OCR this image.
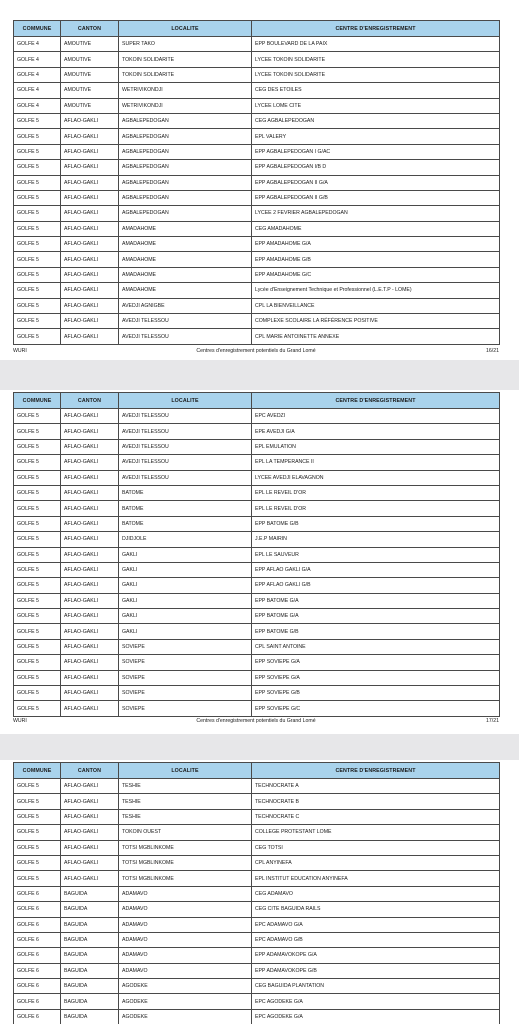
COMMUNE	CANTON	LOCALITE	CENTRE D'ENREGISTREMENT
GOLFE 4	AMOUTIVE	SUPER TAKO	EPP BOULEVARD DE LA PAIX
GOLFE 4	AMOUTIVE	TOKOIN SOLIDARITE	LYCEE TOKOIN SOLIDARITE
GOLFE 4	AMOUTIVE	TOKOIN SOLIDARITE	LYCEE TOKOIN SOLIDARITE
GOLFE 4	AMOUTIVE	WETRIVIKONDJI	CEG DES ETOILES
GOLFE 4	AMOUTIVE	WETRIVIKONDJI	LYCEE LOME CITE
GOLFE 5	AFLAO-GAKLI	AGBALEPEDOGAN	CEG AGBALEPEDOGAN
GOLFE 5	AFLAO-GAKLI	AGBALEPEDOGAN	EPL VALERY
GOLFE 5	AFLAO-GAKLI	AGBALEPEDOGAN	EPP AGBALEPEDOGAN I G/AC
GOLFE 5	AFLAO-GAKLI	AGBALEPEDOGAN	EPP AGBALEPEDOGAN I/B D
GOLFE 5	AFLAO-GAKLI	AGBALEPEDOGAN	EPP AGBALEPEDOGAN II G/A
GOLFE 5	AFLAO-GAKLI	AGBALEPEDOGAN	EPP AGBALEPEDOGAN II G/B
GOLFE 5	AFLAO-GAKLI	AGBALEPEDOGAN	LYCEE 2 FEVRIER AGBALEPEDOGAN
GOLFE 5	AFLAO-GAKLI	AMADAHOME	CEG AMADAHOME
GOLFE 5	AFLAO-GAKLI	AMADAHOME	EPP AMADAHOME G/A
GOLFE 5	AFLAO-GAKLI	AMADAHOME	EPP AMADAHOME G/B
GOLFE 5	AFLAO-GAKLI	AMADAHOME	EPP AMADAHOME G/C
GOLFE 5	AFLAO-GAKLI	AMADAHOME	Lycée d'Enseignement Technique et Professionnel (L.E.T.P - LOME)
GOLFE 5	AFLAO-GAKLI	AVEDJI AGNIGBE	CPL LA BIENVEILLANCE
GOLFE 5	AFLAO-GAKLI	AVEDJI TELESSOU	COMPLEXE SCOLAIRE LA RÉFÉRENCE POSITIVE
GOLFE 5	AFLAO-GAKLI	AVEDJI TELESSOU	CPL MARIE ANTOINETTE ANNEXE
WURI	Centres d'enregistrement potentiels du Grand Lomé	16/21
COMMUNE	CANTON	LOCALITE	CENTRE D'ENREGISTREMENT
GOLFE 5	AFLAO-GAKLI	AVEDJI TELESSOU	EPC AVEDZI
GOLFE 5	AFLAO-GAKLI	AVEDJI TELESSOU	EPE AVEDJI G/A
GOLFE 5	AFLAO-GAKLI	AVEDJI TELESSOU	EPL EMULATION
GOLFE 5	AFLAO-GAKLI	AVEDJI TELESSOU	EPL LA TEMPERANCE II
GOLFE 5	AFLAO-GAKLI	AVEDJI TELESSOU	LYCEE AVEDJI ELAVAGNON
GOLFE 5	AFLAO-GAKLI	BATOME	EPL LE REVEIL D'OR
GOLFE 5	AFLAO-GAKLI	BATOME	EPL LE REVEIL D'OR
GOLFE 5	AFLAO-GAKLI	BATOME	EPP BATOME G/B
GOLFE 5	AFLAO-GAKLI	DJIDJOLE	J.E.P MAIRIN
GOLFE 5	AFLAO-GAKLI	GAKLI	EPL LE SAUVEUR
GOLFE 5	AFLAO-GAKLI	GAKLI	EPP AFLAO GAKLI G/A
GOLFE 5	AFLAO-GAKLI	GAKLI	EPP AFLAO GAKLI G/B
GOLFE 5	AFLAO-GAKLI	GAKLI	EPP BATOME G/A
GOLFE 5	AFLAO-GAKLI	GAKLI	EPP BATOME G/A
GOLFE 5	AFLAO-GAKLI	GAKLI	EPP BATOME G/B
GOLFE 5	AFLAO-GAKLI	SOVIEPE	CPL SAINT ANTOINE
GOLFE 5	AFLAO-GAKLI	SOVIEPE	EPP SOVIEPE G/A
GOLFE 5	AFLAO-GAKLI	SOVIEPE	EPP SOVIEPE G/A
GOLFE 5	AFLAO-GAKLI	SOVIEPE	EPP SOVIEPE G/B
GOLFE 5	AFLAO-GAKLI	SOVIEPE	EPP SOVIEPE G/C
WURI	Centres d'enregistrement potentiels du Grand Lomé	17/21
COMMUNE	CANTON	LOCALITE	CENTRE D'ENREGISTREMENT
GOLFE 5	AFLAO-GAKLI	TESHIE	TECHNOCRATE A
GOLFE 5	AFLAO-GAKLI	TESHIE	TECHNOCRATE B
GOLFE 5	AFLAO-GAKLI	TESHIE	TECHNOCRATE C
GOLFE 5	AFLAO-GAKLI	TOKOIN OUEST	COLLEGE PROTESTANT LOME
GOLFE 5	AFLAO-GAKLI	TOTSI MGBLINKOME	CEG TOTSI
GOLFE 5	AFLAO-GAKLI	TOTSI MGBLINKOME	CPL ANYINEFA
GOLFE 5	AFLAO-GAKLI	TOTSI MGBLINKOME	EPL INSTITUT EDUCATION ANYINEFA
GOLFE 6	BAGUIDA	ADAMAVO	CEG ADAMAVO
GOLFE 6	BAGUIDA	ADAMAVO	CEG CITE BAGUIDA RAILS
GOLFE 6	BAGUIDA	ADAMAVO	EPC ADAMAVO G/A
GOLFE 6	BAGUIDA	ADAMAVO	EPC ADAMAVO G/B
GOLFE 6	BAGUIDA	ADAMAVO	EPP ADAMAVOKOPE G/A
GOLFE 6	BAGUIDA	ADAMAVO	EPP ADAMAVOKOPE G/B
GOLFE 6	BAGUIDA	AGODEKE	CEG BAGUIDA PLANTATION
GOLFE 6	BAGUIDA	AGODEKE	EPC AGODEKE G/A
GOLFE 6	BAGUIDA	AGODEKE	EPC AGODEKE G/A
